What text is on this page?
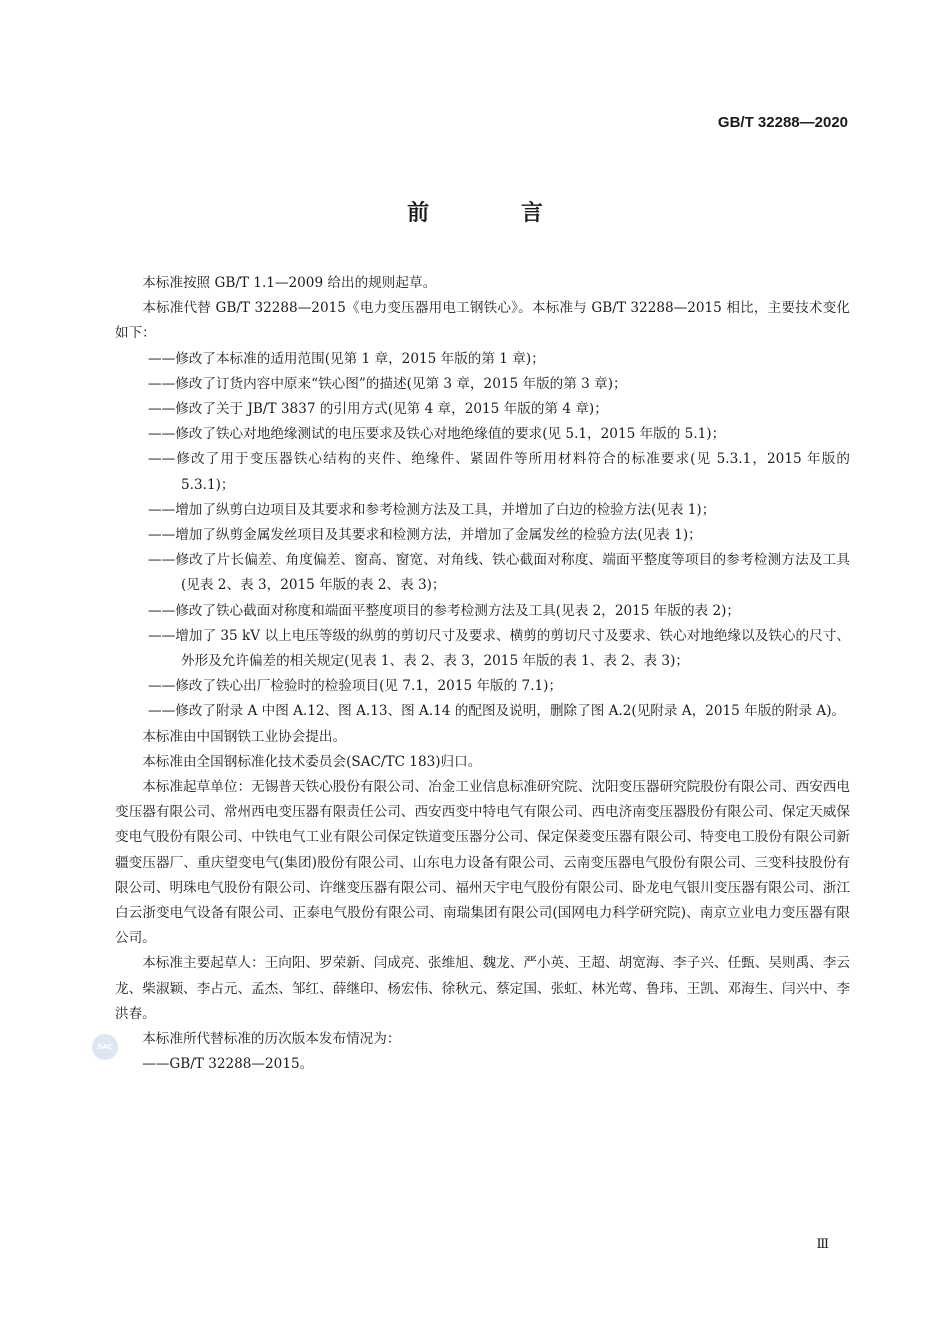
GB/T 32288—2020
前 言

本标准按照 GB/T 1.1—2009 给出的规则起草。

本标准代替 GB/T 32288—2015《电力变压器用电工钢铁心》。本标准与 GB/T 32288—2015 相比，主要技术变化如下：

——修改了本标准的适用范围(见第 1 章，2015 年版的第 1 章)；

——修改了订货内容中原来“铁心图”的描述(见第 3 章，2015 年版的第 3 章)；

——修改了关于 JB/T 3837 的引用方式(见第 4 章，2015 年版的第 4 章)；

——修改了铁心对地绝缘测试的电压要求及铁心对地绝缘值的要求(见 5.1，2015 年版的 5.1)；

——修改了用于变压器铁心结构的夹件、绝缘件、紧固件等所用材料符合的标准要求(见 5.3.1，2015 年版的 5.3.1)；

——增加了纵剪白边项目及其要求和参考检测方法及工具，并增加了白边的检验方法(见表 1)；

——增加了纵剪金属发丝项目及其要求和检测方法，并增加了金属发丝的检验方法(见表 1)；

——修改了片长偏差、角度偏差、窗高、窗宽、对角线、铁心截面对称度、端面平整度等项目的参考检测方法及工具(见表 2、表 3，2015 年版的表 2、表 3)；

——修改了铁心截面对称度和端面平整度项目的参考检测方法及工具(见表 2，2015 年版的表 2)；

——增加了 35 kV 以上电压等级的纵剪的剪切尺寸及要求、横剪的剪切尺寸及要求、铁心对地绝缘以及铁心的尺寸、外形及允许偏差的相关规定(见表 1、表 2、表 3，2015 年版的表 1、表 2、表 3)；

——修改了铁心出厂检验时的检验项目(见 7.1，2015 年版的 7.1)；

——修改了附录 A 中图 A.12、图 A.13、图 A.14 的配图及说明，删除了图 A.2(见附录 A，2015 年版的附录 A)。

本标准由中国钢铁工业协会提出。

本标准由全国钢标准化技术委员会(SAC/TC 183)归口。

本标准起草单位：无锡普天铁心股份有限公司、冶金工业信息标准研究院、沈阳变压器研究院股份有限公司、西安西电变压器有限公司、常州西电变压器有限责任公司、西安西变中特电气有限公司、西电济南变压器股份有限公司、保定天威保变电气股份有限公司、中铁电气工业有限公司保定铁道变压器分公司、保定保菱变压器有限公司、特变电工股份有限公司新疆变压器厂、重庆望变电气(集团)股份有限公司、山东电力设备有限公司、云南变压器电气股份有限公司、三变科技股份有限公司、明珠电气股份有限公司、许继变压器有限公司、福州天宇电气股份有限公司、卧龙电气银川变压器有限公司、浙江白云浙变电气设备有限公司、正泰电气股份有限公司、南瑞集团有限公司(国网电力科学研究院)、南京立业电力变压器有限公司。

本标准主要起草人：王向阳、罗荣新、闫成亮、张维旭、魏龙、严小英、王超、胡宽海、李子兴、任甄、吴则禹、李云龙、柴淑颖、李占元、孟杰、邹红、薛继印、杨宏伟、徐秋元、蔡定国、张虹、林光莺、鲁玮、王凯、邓海生、闫兴中、李洪春。

本标准所代替标准的历次版本发布情况为：

——GB/T 32288—2015。

SAC
Ⅲ
